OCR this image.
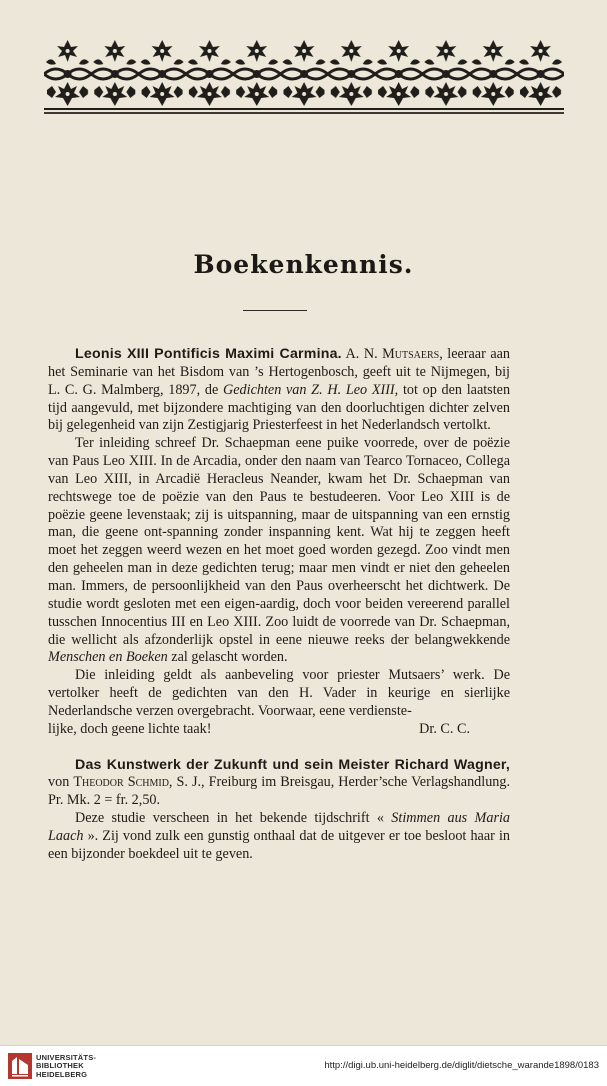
Boekenkennis.

Leonis XIII Pontificis Maximi Carmina. A. N. Mutsaers, leeraar aan het Seminarie van het Bisdom van ’s Hertogenbosch, geeft uit te Nijmegen, bij L. C. G. Malmberg, 1897, de Gedichten van Z. H. Leo XIII, tot op den laatsten tijd aangevuld, met bijzondere machtiging van den doorluchtigen dichter zelven bij gelegenheid van zijn Zestigjarig Priesterfeest in het Nederlandsch vertolkt.

Ter inleiding schreef Dr. Schaepman eene puike voorrede, over de poëzie van Paus Leo XIII. In de Arcadia, onder den naam van Tearco Tornaceo, Collega van Leo XIII, in Arcadië Heracleus Neander, kwam het Dr. Schaepman van rechtswege toe de poëzie van den Paus te bestudeeren. Voor Leo XIII is de poëzie geene levenstaak; zij is uitspanning, maar de uitspanning van een ernstig man, die geene ont-spanning zonder inspanning kent. Wat hij te zeggen heeft moet het zeggen weerd wezen en het moet goed worden gezegd. Zoo vindt men den geheelen man in deze gedichten terug; maar men vindt er niet den geheelen man. Immers, de persoonlijkheid van den Paus overheerscht het dichtwerk. De studie wordt gesloten met een eigen-aardig, doch voor beiden vereerend parallel tusschen Innocentius III en Leo XIII. Zoo luidt de voorrede van Dr. Schaepman, die wellicht als afzonderlijk opstel in eene nieuwe reeks der belangwekkende Menschen en Boeken zal gelascht worden.

Die inleiding geldt als aanbeveling voor priester Mutsaers’ werk. De vertolker heeft de gedichten van den H. Vader in keurige en sierlijke Nederlandsche verzen overgebracht. Voorwaar, eene verdienste-

lijke, doch geene lichte taak!	Dr. C. C.

Das Kunstwerk der Zukunft und sein Meister Richard Wagner, von Theodor Schmid, S. J., Freiburg im Breisgau, Herder’sche Verlagshandlung. Pr. Mk. 2 = fr. 2,50.

Deze studie verscheen in het bekende tijdschrift « Stimmen aus Maria Laach ». Zij vond zulk een gunstig onthaal dat de uitgever er toe besloot haar in een bijzonder boekdeel uit te geven.

UNIVERSITÄTS-
BIBLIOTHEK
HEIDELBERG
http://digi.ub.uni-heidelberg.de/diglit/dietsche_warande1898/0183
